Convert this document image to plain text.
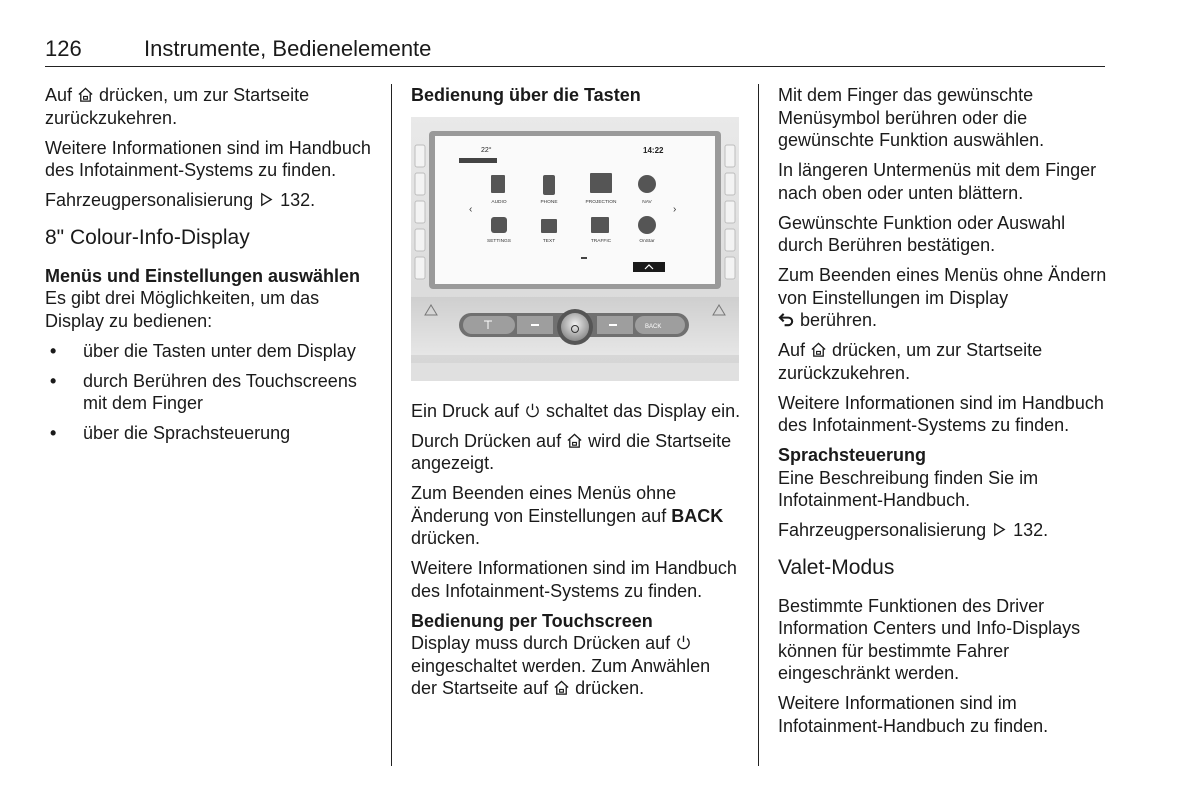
126	Instrumente, Bedienelemente

Auf  drücken, um zur Startseite zurückzukehren.

Weitere Informationen sind im Handbuch des Infotainment-Systems zu finden.

Fahrzeugpersonalisierung  132.

8" Colour-Info-Display

Menüs und Einstellungen auswählen

Es gibt drei Möglichkeiten, um das Display zu bedienen:

•	über die Tasten unter dem Display
•	durch Berühren des Touchscreens mit dem Finger
•	über die Sprachsteuerung

Bedienung über die Tasten

22°	14:22
‹	›
AUDIO	PHONE	PROJECTION	NAV
SETTINGS	TEXT	TRAFFIC	OnStar
BACK

Ein Druck auf  schaltet das Display ein.

Durch Drücken auf  wird die Startseite angezeigt.

Zum Beenden eines Menüs ohne Änderung von Einstellungen auf BACK drücken.

Weitere Informationen sind im Handbuch des Infotainment-Systems zu finden.

Bedienung per Touchscreen

Display muss durch Drücken auf  eingeschaltet werden. Zum Anwählen der Startseite auf  drücken.

Mit dem Finger das gewünschte Menüsymbol berühren oder die gewünschte Funktion auswählen.

In längeren Untermenüs mit dem Finger nach oben oder unten blättern.

Gewünschte Funktion oder Auswahl durch Berühren bestätigen.

Zum Beenden eines Menüs ohne Ändern von Einstellungen im Display
berühren.

Auf  drücken, um zur Startseite zurückzukehren.

Weitere Informationen sind im Handbuch des Infotainment-Systems zu finden.

Sprachsteuerung

Eine Beschreibung finden Sie im Infotainment-Handbuch.

Fahrzeugpersonalisierung  132.

Valet-Modus

Bestimmte Funktionen des Driver Information Centers und Info-Displays können für bestimmte Fahrer eingeschränkt werden.

Weitere Informationen sind im Infotainment-Handbuch zu finden.
